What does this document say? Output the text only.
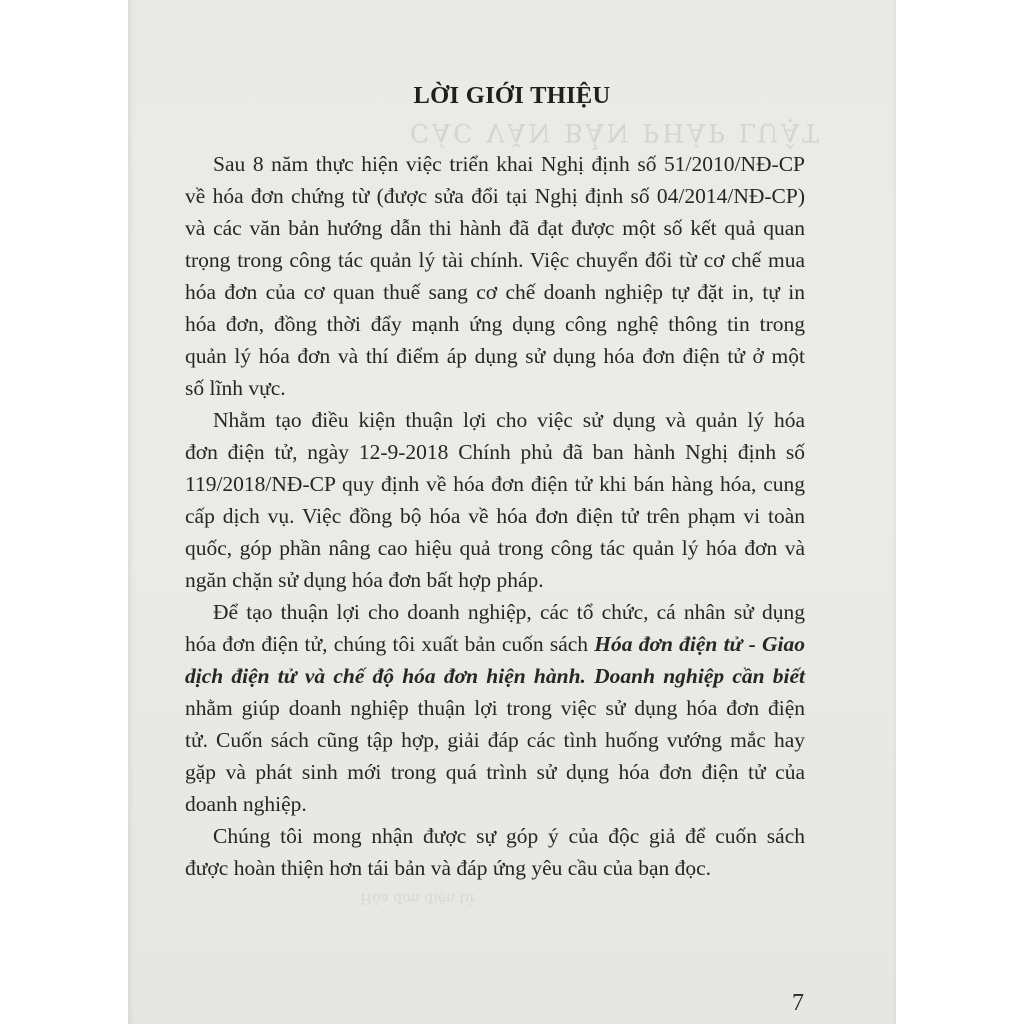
CÁC VĂN BẢN PHÁP LUẬT
Hóa đơn điện tử
LỜI GIỚI THIỆU
Sau 8 năm thực hiện việc triển khai Nghị định số 51/2010/NĐ-CP
về hóa đơn chứng từ (được sửa đổi tại Nghị định số 04/2014/NĐ-CP)
và các văn bản hướng dẫn thi hành đã đạt được một số kết quả quan
trọng trong công tác quản lý tài chính. Việc chuyển đổi từ cơ chế mua
hóa đơn của cơ quan thuế sang cơ chế doanh nghiệp tự đặt in, tự in
hóa đơn, đồng thời đẩy mạnh ứng dụng công nghệ thông tin trong
quản lý hóa đơn và thí điểm áp dụng sử dụng hóa đơn điện tử ở một
số lĩnh vực.
Nhằm tạo điều kiện thuận lợi cho việc sử dụng và quản lý hóa
đơn điện tử, ngày 12-9-2018 Chính phủ đã ban hành Nghị định số
119/2018/NĐ-CP quy định về hóa đơn điện tử khi bán hàng hóa, cung
cấp dịch vụ. Việc đồng bộ hóa về hóa đơn điện tử trên phạm vi toàn
quốc, góp phần nâng cao hiệu quả trong công tác quản lý hóa đơn và
ngăn chặn sử dụng hóa đơn bất hợp pháp.
Để tạo thuận lợi cho doanh nghiệp, các tổ chức, cá nhân sử dụng
hóa đơn điện tử, chúng tôi xuất bản cuốn sách Hóa đơn điện tử - Giao
dịch điện tử và chế độ hóa đơn hiện hành. Doanh nghiệp cần biết
nhằm giúp doanh nghiệp thuận lợi trong việc sử dụng hóa đơn điện
tử. Cuốn sách cũng tập hợp, giải đáp các tình huống vướng mắc hay
gặp và phát sinh mới trong quá trình sử dụng hóa đơn điện tử của
doanh nghiệp.
Chúng tôi mong nhận được sự góp ý của độc giả để cuốn sách
được hoàn thiện hơn tái bản và đáp ứng yêu cầu của bạn đọc.
7
